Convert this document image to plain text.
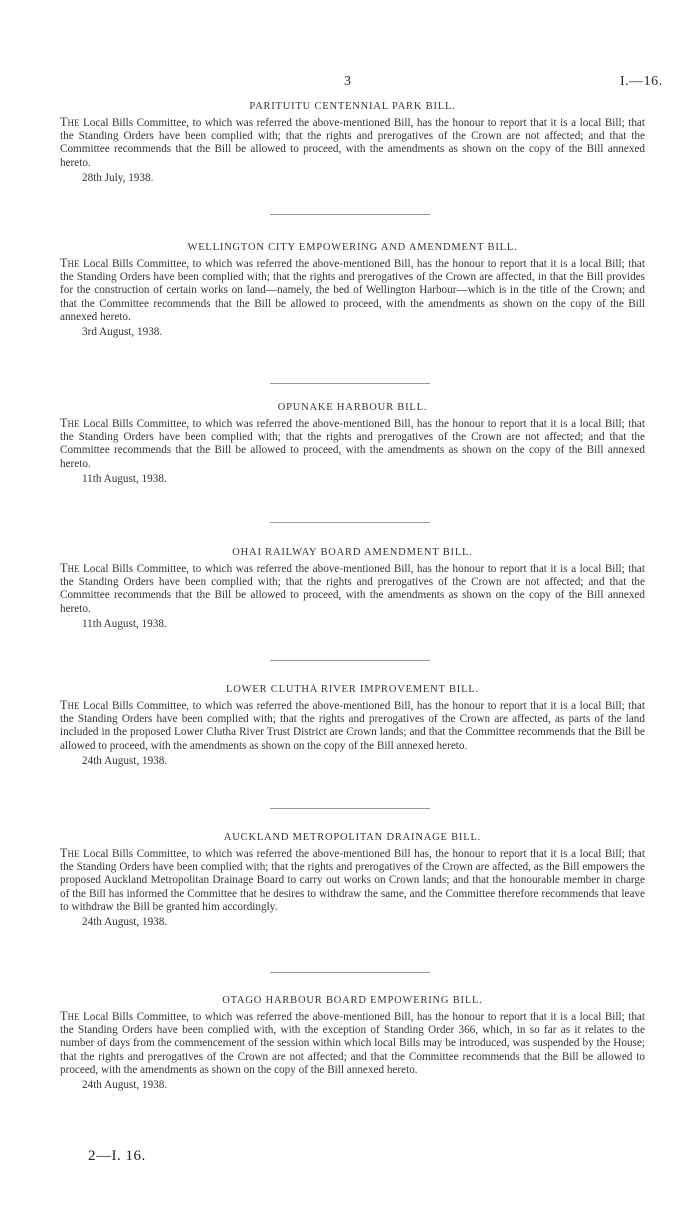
3	I.—16.

PARITUITU CENTENNIAL PARK BILL.

The Local Bills Committee, to which was referred the above-mentioned Bill, has the honour to report that it is a local Bill; that the Standing Orders have been complied with; that the rights and prerogatives of the Crown are not affected; and that the Committee recommends that the Bill be allowed to proceed, with the amendments as shown on the copy of the Bill annexed hereto.

28th July, 1938.

WELLINGTON CITY EMPOWERING AND AMENDMENT BILL.

The Local Bills Committee, to which was referred the above-mentioned Bill, has the honour to report that it is a local Bill; that the Standing Orders have been complied with; that the rights and prerogatives of the Crown are affected, in that the Bill provides for the construction of certain works on land—namely, the bed of Wellington Harbour—which is in the title of the Crown; and that the Committee recommends that the Bill be allowed to proceed, with the amendments as shown on the copy of the Bill annexed hereto.

3rd August, 1938.

OPUNAKE HARBOUR BILL.

The Local Bills Committee, to which was referred the above-mentioned Bill, has the honour to report that it is a local Bill; that the Standing Orders have been complied with; that the rights and prerogatives of the Crown are not affected; and that the Committee recommends that the Bill be allowed to proceed, with the amendments as shown on the copy of the Bill annexed hereto.

11th August, 1938.

OHAI RAILWAY BOARD AMENDMENT BILL.

The Local Bills Committee, to which was referred the above-mentioned Bill, has the honour to report that it is a local Bill; that the Standing Orders have been complied with; that the rights and prerogatives of the Crown are not affected; and that the Committee recommends that the Bill be allowed to proceed, with the amendments as shown on the copy of the Bill annexed hereto.

11th August, 1938.

LOWER CLUTHA RIVER IMPROVEMENT BILL.

The Local Bills Committee, to which was referred the above-mentioned Bill, has the honour to report that it is a local Bill; that the Standing Orders have been complied with; that the rights and prerogatives of the Crown are affected, as parts of the land included in the proposed Lower Clutha River Trust District are Crown lands; and that the Committee recommends that the Bill be allowed to proceed, with the amendments as shown on the copy of the Bill annexed hereto.

24th August, 1938.

AUCKLAND METROPOLITAN DRAINAGE BILL.

The Local Bills Committee, to which was referred the above-mentioned Bill has, the honour to report that it is a local Bill; that the Standing Orders have been complied with; that the rights and prerogatives of the Crown are affected, as the Bill empowers the proposed Auckland Metropolitan Drainage Board to carry out works on Crown lands; and that the honourable member in charge of the Bill has informed the Committee that he desires to withdraw the same, and the Committee therefore recommends that leave to withdraw the Bill be granted him accordingly.

24th August, 1938.

OTAGO HARBOUR BOARD EMPOWERING BILL.

The Local Bills Committee, to which was referred the above-mentioned Bill, has the honour to report that it is a local Bill; that the Standing Orders have been complied with, with the exception of Standing Order 366, which, in so far as it relates to the number of days from the commencement of the session within which local Bills may be introduced, was suspended by the House; that the rights and prerogatives of the Crown are not affected; and that the Committee recommends that the Bill be allowed to proceed, with the amendments as shown on the copy of the Bill annexed hereto.

24th August, 1938.

2—I. 16.
